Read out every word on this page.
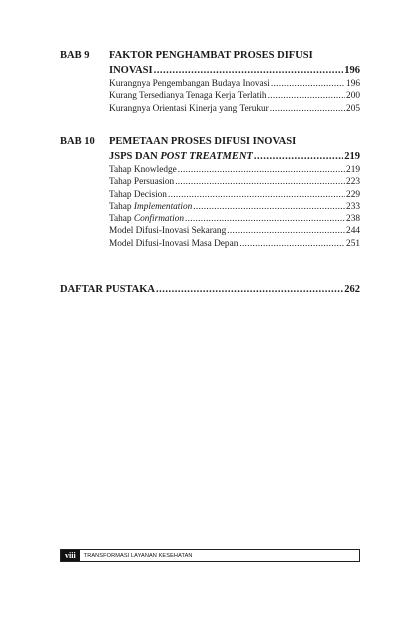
BAB 9	FAKTOR PENGHAMBAT PROSES DIFUSI
INOVASI .....	196
Kurangnya Pengembangan Budaya Inovasi .....	196
Kurang Tersedianya Tenaga Kerja Terlatih .....	200
Kurangnya Orientasi Kinerja yang Terukur .....	205
BAB 10	PEMETAAN PROSES DIFUSI INOVASI
JSPS DAN POST TREATMENT .....	219
Tahap Knowledge .....	219
Tahap Persuasion .....	223
Tahap Decision .....	229
Tahap Implementation .....	233
Tahap Confirmation .....	238
Model Difusi-Inovasi Sekarang .....	244
Model Difusi-Inovasi Masa Depan .....	251
DAFTAR PUSTAKA .....	262
viii	TRANSFORMASI LAYANAN KESEHATAN
